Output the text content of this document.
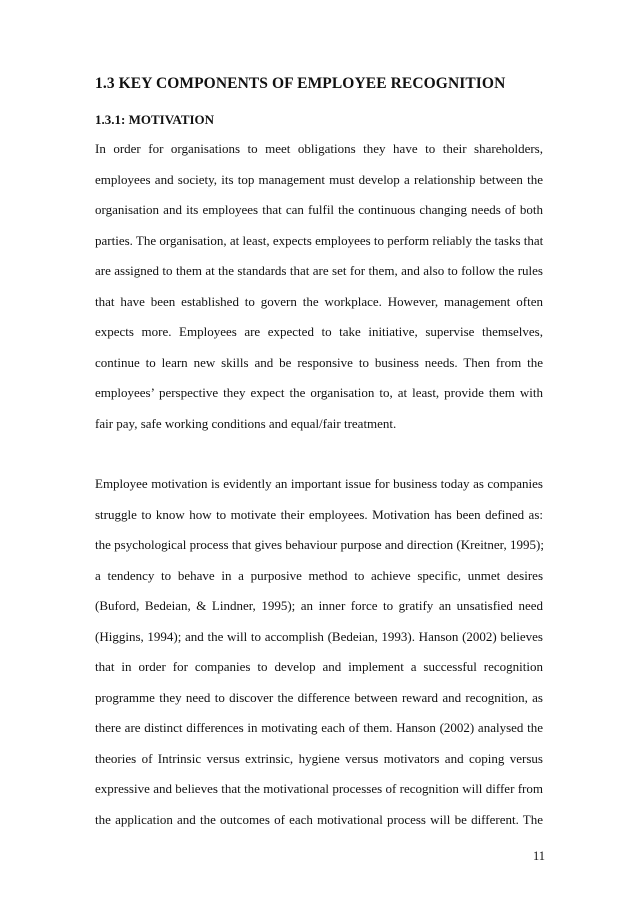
1.3 KEY COMPONENTS OF EMPLOYEE RECOGNITION
1.3.1: MOTIVATION
In order for organisations to meet obligations they have to their shareholders,
employees and society, its top management must develop a relationship between the
organisation and its employees that can fulfil the continuous changing needs of both
parties. The organisation, at least, expects employees to perform reliably the tasks that
are assigned to them at the standards that are set for them, and also to follow the rules
that have been established to govern the workplace. However, management often
expects more. Employees are expected to take initiative, supervise themselves,
continue to learn new skills and be responsive to business needs. Then from the
employees’ perspective they expect the organisation to, at least, provide them with
fair pay, safe working conditions and equal/fair treatment.
Employee motivation is evidently an important issue for business today as companies
struggle to know how to motivate their employees. Motivation has been defined as:
the psychological process that gives behaviour purpose and direction (Kreitner, 1995);
a tendency to behave in a purposive method to achieve specific, unmet desires
(Buford, Bedeian, & Lindner, 1995); an inner force to gratify an unsatisfied need
(Higgins, 1994); and the will to accomplish (Bedeian, 1993). Hanson (2002) believes
that in order for companies to develop and implement a successful recognition
programme they need to discover the difference between reward and recognition, as
there are distinct differences in motivating each of them. Hanson (2002) analysed the
theories of Intrinsic versus extrinsic, hygiene versus motivators and coping versus
expressive and believes that the motivational processes of recognition will differ from
the application and the outcomes of each motivational process will be different. The
11
